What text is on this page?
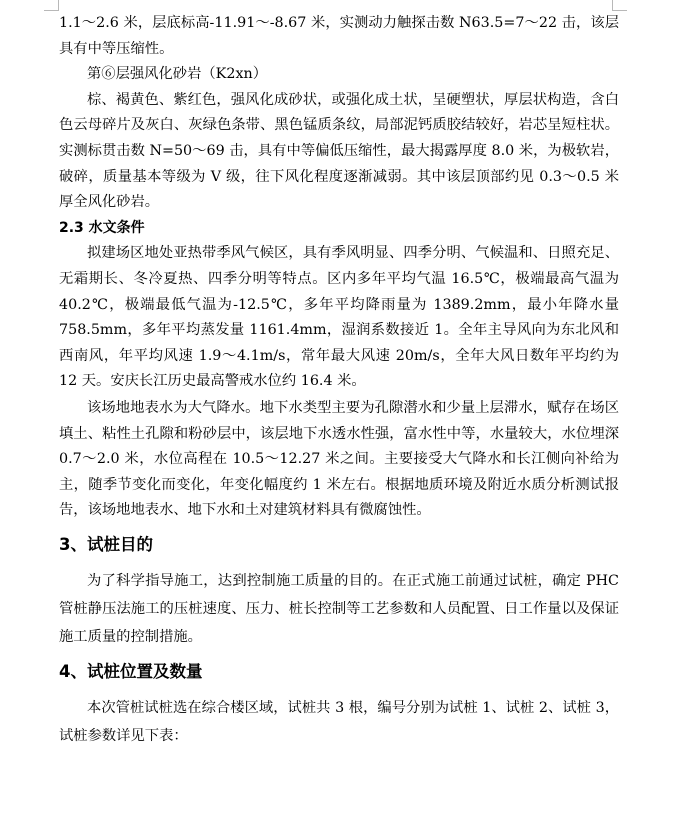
1.1～2.6 米，层底标高-11.91～-8.67 米，实测动力触探击数 N63.5=7～22 击，该层具有中等压缩性。

第⑥层强风化砂岩（K2xn）

棕、褐黄色、紫红色，强风化成砂状，或强化成土状，呈硬塑状，厚层状构造，含白色云母碎片及灰白、灰绿色条带、黑色锰质条纹，局部泥钙质胶结较好，岩芯呈短柱状。实测标贯击数 N=50～69 击，具有中等偏低压缩性，最大揭露厚度 8.0 米，为极软岩，破碎，质量基本等级为 V 级，往下风化程度逐渐减弱。其中该层顶部约见 0.3～0.5 米厚全风化砂岩。

2.3 水文条件

拟建场区地处亚热带季风气候区，具有季风明显、四季分明、气候温和、日照充足、无霜期长、冬冷夏热、四季分明等特点。区内多年平均气温 16.5℃，极端最高气温为 40.2℃，极端最低气温为-12.5℃，多年平均降雨量为 1389.2mm，最小年降水量 758.5mm，多年平均蒸发量 1161.4mm，湿润系数接近 1。全年主导风向为东北风和西南风，年平均风速 1.9～4.1m/s，常年最大风速 20m/s，全年大风日数年平均约为 12 天。安庆长江历史最高警戒水位约 16.4 米。

该场地地表水为大气降水。地下水类型主要为孔隙潜水和少量上层滞水，赋存在场区填土、粘性土孔隙和粉砂层中，该层地下水透水性强，富水性中等，水量较大，水位埋深 0.7～2.0 米，水位高程在 10.5～12.27 米之间。主要接受大气降水和长江侧向补给为主，随季节变化而变化，年变化幅度约 1 米左右。根据地质环境及附近水质分析测试报告，该场地地表水、地下水和土对建筑材料具有微腐蚀性。

3、试桩目的

为了科学指导施工，达到控制施工质量的目的。在正式施工前通过试桩，确定 PHC 管桩静压法施工的压桩速度、压力、桩长控制等工艺参数和人员配置、日工作量以及保证施工质量的控制措施。

4、试桩位置及数量

本次管桩试桩选在综合楼区域，试桩共 3 根，编号分别为试桩 1、试桩 2、试桩 3，试桩参数详见下表：
